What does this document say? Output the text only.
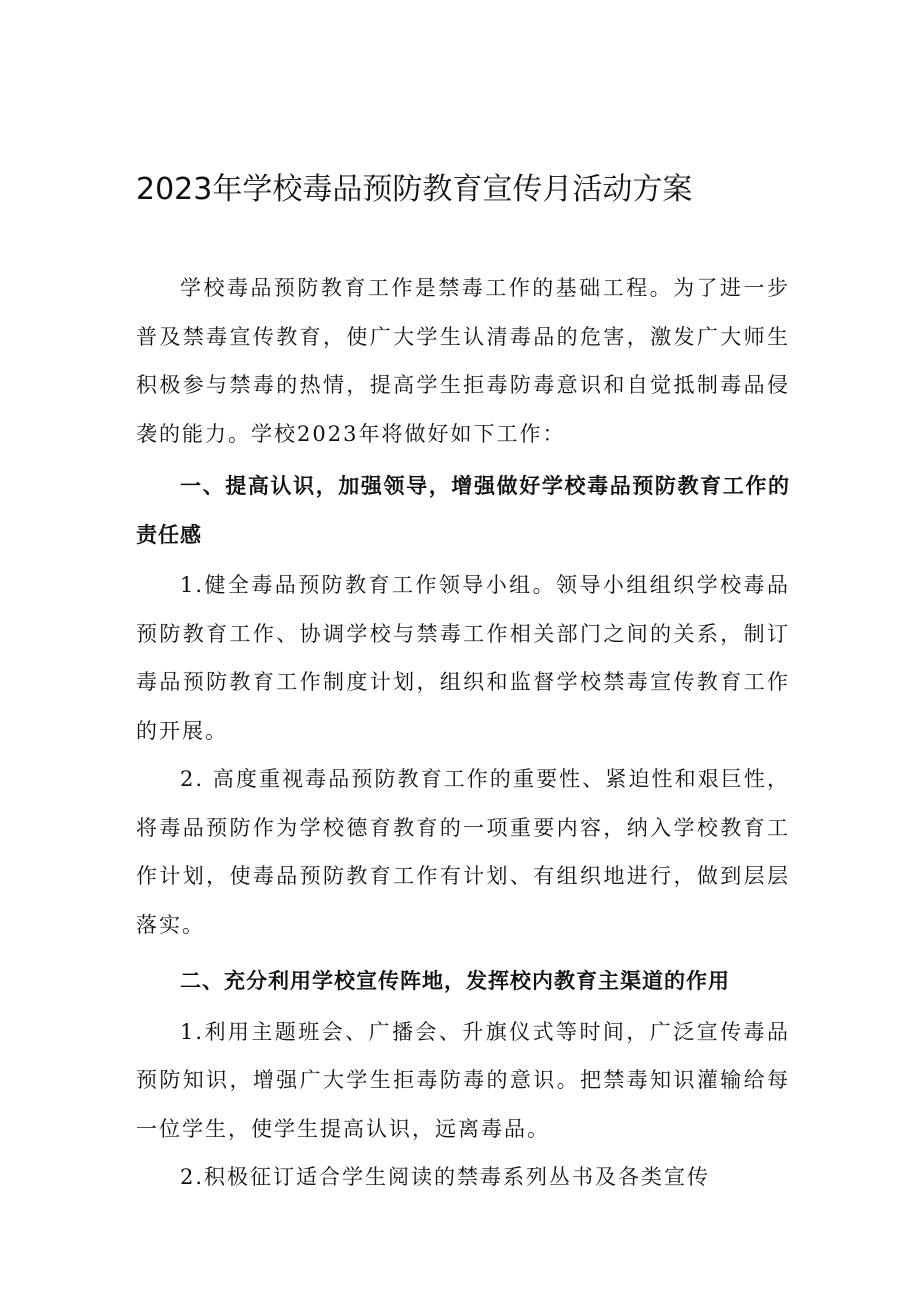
2023年学校毒品预防教育宣传月活动方案

学校毒品预防教育工作是禁毒工作的基础工程。为了进一步普及禁毒宣传教育，使广大学生认清毒品的危害，激发广大师生积极参与禁毒的热情，提高学生拒毒防毒意识和自觉抵制毒品侵袭的能力。学校2023年将做好如下工作：

一、提高认识，加强领导，增强做好学校毒品预防教育工作的责任感

1.健全毒品预防教育工作领导小组。领导小组组织学校毒品预防教育工作、协调学校与禁毒工作相关部门之间的关系，制订毒品预防教育工作制度计划，组织和监督学校禁毒宣传教育工作的开展。

2. 高度重视毒品预防教育工作的重要性、紧迫性和艰巨性，将毒品预防作为学校德育教育的一项重要内容，纳入学校教育工作计划，使毒品预防教育工作有计划、有组织地进行，做到层层落实。

二、充分利用学校宣传阵地，发挥校内教育主渠道的作用

1.利用主题班会、广播会、升旗仪式等时间，广泛宣传毒品预防知识，增强广大学生拒毒防毒的意识。把禁毒知识灌输给每一位学生，使学生提高认识，远离毒品。

2.积极征订适合学生阅读的禁毒系列丛书及各类宣传
